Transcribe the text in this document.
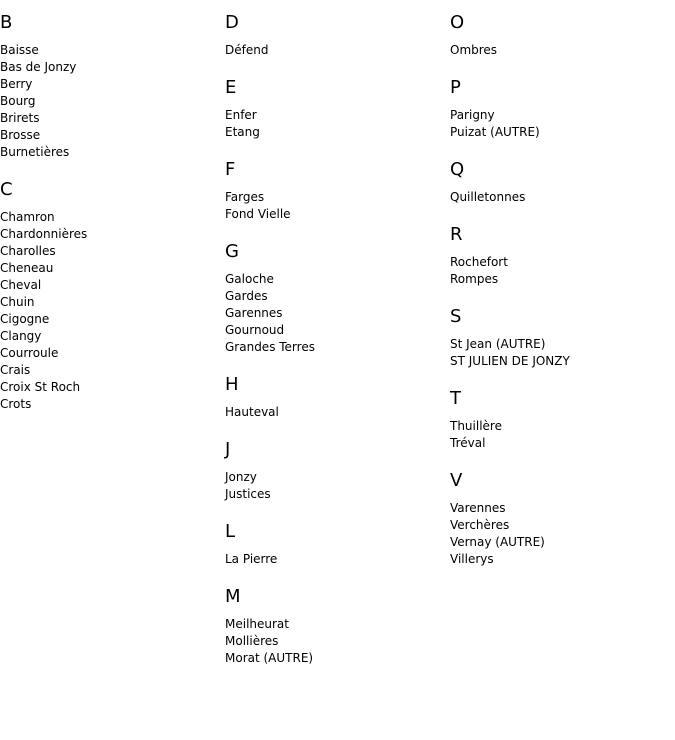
B
Baisse
Bas de Jonzy
Berry
Bourg
Brirets
Brosse
Burnetières
C
Chamron
Chardonnières
Charolles
Cheneau
Cheval
Chuin
Cigogne
Clangy
Courroule
Crais
Croix St Roch
Crots
D
Défend
E
Enfer
Etang
F
Farges
Fond Vielle
G
Galoche
Gardes
Garennes
Gournoud
Grandes Terres
H
Hauteval
J
Jonzy
Justices
L
La Pierre
M
Meilheurat
Mollières
Morat (AUTRE)
O
Ombres
P
Parigny
Puizat (AUTRE)
Q
Quilletonnes
R
Rochefort
Rompes
S
St Jean (AUTRE)
ST JULIEN DE JONZY
T
Thuillère
Tréval
V
Varennes
Verchères
Vernay (AUTRE)
Villerys
